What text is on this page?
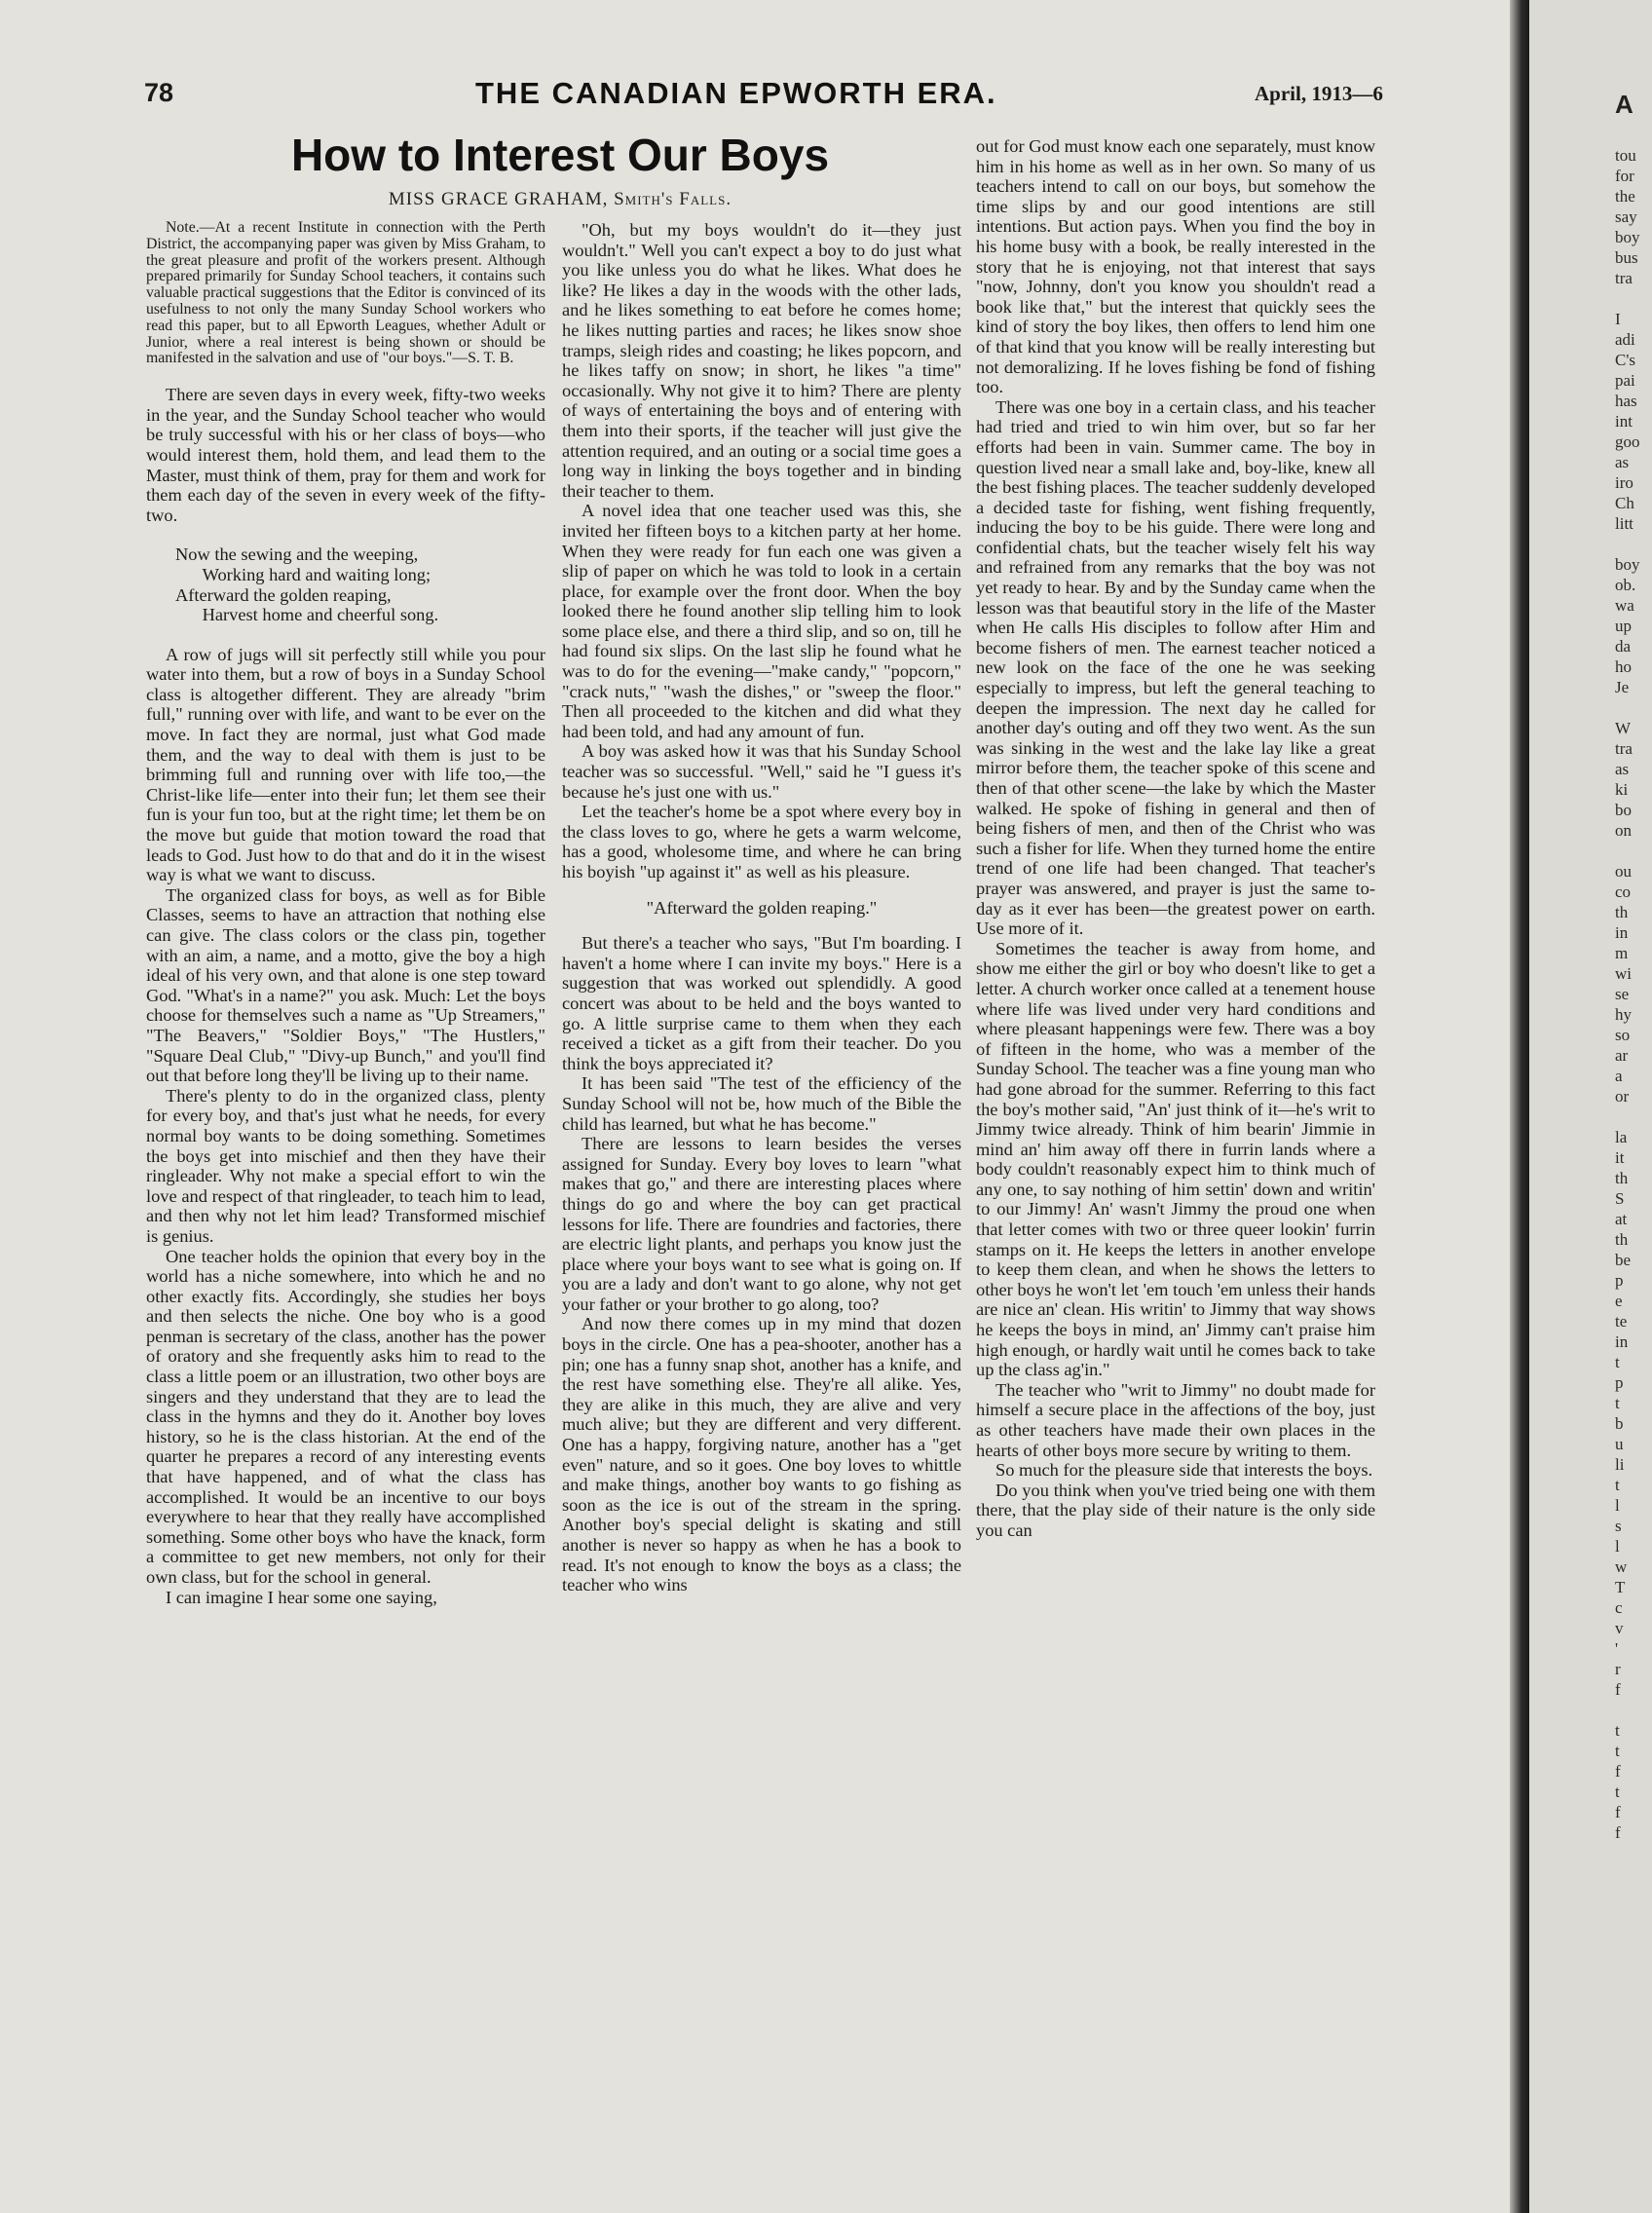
78	THE CANADIAN EPWORTH ERA.	April, 1913—6
How to Interest Our Boys
MISS GRACE GRAHAM, Smith's Falls.

Note.—At a recent Institute in connection with the Perth District, the accompanying paper was given by Miss Graham, to the great pleasure and profit of the workers present. Although prepared primarily for Sunday School teachers, it contains such valuable practical suggestions that the Editor is convinced of its usefulness to not only the many Sunday School workers who read this paper, but to all Epworth Leagues, whether Adult or Junior, where a real interest is being shown or should be manifested in the salvation and use of "our boys."—S. T. B.

There are seven days in every week, fifty-two weeks in the year, and the Sunday School teacher who would be truly successful with his or her class of boys—who would interest them, hold them, and lead them to the Master, must think of them, pray for them and work for them each day of the seven in every week of the fifty-two.

Now the sewing and the weeping,
Working hard and waiting long;
Afterward the golden reaping,
Harvest home and cheerful song.

A row of jugs will sit perfectly still while you pour water into them, but a row of boys in a Sunday School class is altogether different. They are already "brim full," running over with life, and want to be ever on the move. In fact they are normal, just what God made them, and the way to deal with them is just to be brimming full and running over with life too,—the Christ-like life—enter into their fun; let them see their fun is your fun too, but at the right time; let them be on the move but guide that motion toward the road that leads to God. Just how to do that and do it in the wisest way is what we want to discuss.

The organized class for boys, as well as for Bible Classes, seems to have an attraction that nothing else can give. The class colors or the class pin, together with an aim, a name, and a motto, give the boy a high ideal of his very own, and that alone is one step toward God. "What's in a name?" you ask. Much: Let the boys choose for themselves such a name as "Up Streamers," "The Beavers," "Soldier Boys," "The Hustlers," "Square Deal Club," "Divy-up Bunch," and you'll find out that before long they'll be living up to their name.

There's plenty to do in the organized class, plenty for every boy, and that's just what he needs, for every normal boy wants to be doing something. Sometimes the boys get into mischief and then they have their ringleader. Why not make a special effort to win the love and respect of that ringleader, to teach him to lead, and then why not let him lead? Transformed mischief is genius.

One teacher holds the opinion that every boy in the world has a niche somewhere, into which he and no other exactly fits. Accordingly, she studies her boys and then selects the niche. One boy who is a good penman is secretary of the class, another has the power of oratory and she frequently asks him to read to the class a little poem or an illustration, two other boys are singers and they understand that they are to lead the class in the hymns and they do it. Another boy loves history, so he is the class historian. At the end of the quarter he prepares a record of any interesting events that have happened, and of what the class has accomplished. It would be an incentive to our boys everywhere to hear that they really have accomplished something. Some other boys who have the knack, form a committee to get new members, not only for their own class, but for the school in general.

I can imagine I hear some one saying,

"Oh, but my boys wouldn't do it—they just wouldn't." Well you can't expect a boy to do just what you like unless you do what he likes. What does he like? He likes a day in the woods with the other lads, and he likes something to eat before he comes home; he likes nutting parties and races; he likes snow shoe tramps, sleigh rides and coasting; he likes popcorn, and he likes taffy on snow; in short, he likes "a time" occasionally. Why not give it to him? There are plenty of ways of entertaining the boys and of entering with them into their sports, if the teacher will just give the attention required, and an outing or a social time goes a long way in linking the boys together and in binding their teacher to them.

A novel idea that one teacher used was this, she invited her fifteen boys to a kitchen party at her home. When they were ready for fun each one was given a slip of paper on which he was told to look in a certain place, for example over the front door. When the boy looked there he found another slip telling him to look some place else, and there a third slip, and so on, till he had found six slips. On the last slip he found what he was to do for the evening—"make candy," "popcorn," "crack nuts," "wash the dishes," or "sweep the floor." Then all proceeded to the kitchen and did what they had been told, and had any amount of fun.

A boy was asked how it was that his Sunday School teacher was so successful. "Well," said he "I guess it's because he's just one with us."

Let the teacher's home be a spot where every boy in the class loves to go, where he gets a warm welcome, has a good, wholesome time, and where he can bring his boyish "up against it" as well as his pleasure.

"Afterward the golden reaping."

But there's a teacher who says, "But I'm boarding. I haven't a home where I can invite my boys." Here is a suggestion that was worked out splendidly. A good concert was about to be held and the boys wanted to go. A little surprise came to them when they each received a ticket as a gift from their teacher. Do you think the boys appreciated it?

It has been said "The test of the efficiency of the Sunday School will not be, how much of the Bible the child has learned, but what he has become."

There are lessons to learn besides the verses assigned for Sunday. Every boy loves to learn "what makes that go," and there are interesting places where things do go and where the boy can get practical lessons for life. There are foundries and factories, there are electric light plants, and perhaps you know just the place where your boys want to see what is going on. If you are a lady and don't want to go alone, why not get your father or your brother to go along, too?

And now there comes up in my mind that dozen boys in the circle. One has a pea-shooter, another has a pin; one has a funny snap shot, another has a knife, and the rest have something else. They're all alike. Yes, they are alike in this much, they are alive and very much alive; but they are different and very different. One has a happy, forgiving nature, another has a "get even" nature, and so it goes. One boy loves to whittle and make things, another boy wants to go fishing as soon as the ice is out of the stream in the spring. Another boy's special delight is skating and still another is never so happy as when he has a book to read. It's not enough to know the boys as a class; the teacher who wins

out for God must know each one separately, must know him in his home as well as in her own. So many of us teachers intend to call on our boys, but somehow the time slips by and our good intentions are still intentions. But action pays. When you find the boy in his home busy with a book, be really interested in the story that he is enjoying, not that interest that says "now, Johnny, don't you know you shouldn't read a book like that," but the interest that quickly sees the kind of story the boy likes, then offers to lend him one of that kind that you know will be really interesting but not demoralizing. If he loves fishing be fond of fishing too.

There was one boy in a certain class, and his teacher had tried and tried to win him over, but so far her efforts had been in vain. Summer came. The boy in question lived near a small lake and, boy-like, knew all the best fishing places. The teacher suddenly developed a decided taste for fishing, went fishing frequently, inducing the boy to be his guide. There were long and confidential chats, but the teacher wisely felt his way and refrained from any remarks that the boy was not yet ready to hear. By and by the Sunday came when the lesson was that beautiful story in the life of the Master when He calls His disciples to follow after Him and become fishers of men. The earnest teacher noticed a new look on the face of the one he was seeking especially to impress, but left the general teaching to deepen the impression. The next day he called for another day's outing and off they two went. As the sun was sinking in the west and the lake lay like a great mirror before them, the teacher spoke of this scene and then of that other scene—the lake by which the Master walked. He spoke of fishing in general and then of being fishers of men, and then of the Christ who was such a fisher for life. When they turned home the entire trend of one life had been changed. That teacher's prayer was answered, and prayer is just the same to-day as it ever has been—the greatest power on earth. Use more of it.

Sometimes the teacher is away from home, and show me either the girl or boy who doesn't like to get a letter. A church worker once called at a tenement house where life was lived under very hard conditions and where pleasant happenings were few. There was a boy of fifteen in the home, who was a member of the Sunday School. The teacher was a fine young man who had gone abroad for the summer. Referring to this fact the boy's mother said, "An' just think of it—he's writ to Jimmy twice already. Think of him bearin' Jimmie in mind an' him away off there in furrin lands where a body couldn't reasonably expect him to think much of any one, to say nothing of him settin' down and writin' to our Jimmy! An' wasn't Jimmy the proud one when that letter comes with two or three queer lookin' furrin stamps on it. He keeps the letters in another envelope to keep them clean, and when he shows the letters to other boys he won't let 'em touch 'em unless their hands are nice an' clean. His writin' to Jimmy that way shows he keeps the boys in mind, an' Jimmy can't praise him high enough, or hardly wait until he comes back to take up the class ag'in."

The teacher who "writ to Jimmy" no doubt made for himself a secure place in the affections of the boy, just as other teachers have made their own places in the hearts of other boys more secure by writing to them.

So much for the pleasure side that interests the boys.

Do you think when you've tried being one with them there, that the play side of their nature is the only side you can

A
tou
for
the
say
boy
bus
tra
I
adi
C's
pai
has
int
goo
as
iro
Ch
litt
boy
ob.
wa
up
da
ho
Je
W
tra
as
ki
bo
on
ou
co
th
in
m
wi
se
hy
so
ar
a
or
la
it
th
S
at
th
be
p
e
te
in
t
p
t
b
u
li
t
l
s
l
w
T
c
v
'
r
f
t
t
f
t
f
f
